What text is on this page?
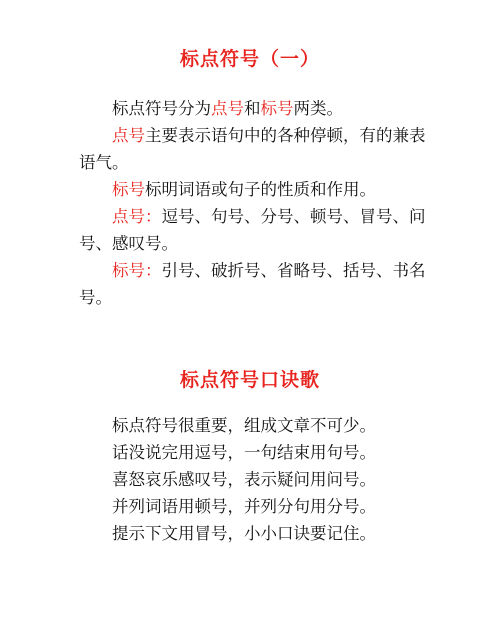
标点符号（一）
标点符号分为点号和标号两类。
点号主要表示语句中的各种停顿，有的兼表
语气。
标号标明词语或句子的性质和作用。
点号：逗号、句号、分号、顿号、冒号、问
号、感叹号。
标号：引号、破折号、省略号、括号、书名
号。
标点符号口诀歌
标点符号很重要，组成文章不可少。
话没说完用逗号，一句结束用句号。
喜怒哀乐感叹号，表示疑问用问号。
并列词语用顿号，并列分句用分号。
提示下文用冒号，小小口诀要记住。
